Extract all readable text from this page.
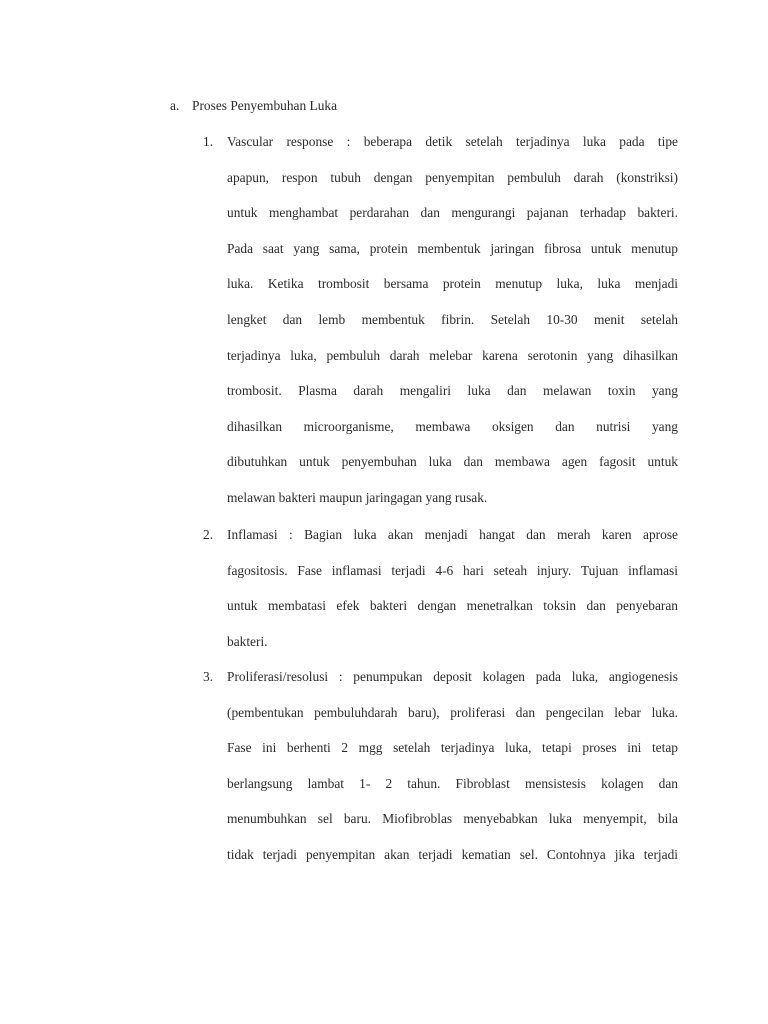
a. Proses Penyembuhan Luka
1. Vascular response : beberapa detik setelah terjadinya luka pada tipe
apapun, respon tubuh dengan penyempitan pembuluh darah (konstriksi)
untuk menghambat perdarahan dan mengurangi pajanan terhadap bakteri.
Pada saat yang sama, protein membentuk jaringan fibrosa untuk menutup
luka. Ketika trombosit bersama protein menutup luka, luka menjadi
lengket dan lemb membentuk fibrin. Setelah 10-30 menit setelah
terjadinya luka, pembuluh darah melebar karena serotonin yang dihasilkan
trombosit. Plasma darah mengaliri luka dan melawan toxin yang
dihasilkan microorganisme, membawa oksigen dan nutrisi yang
dibutuhkan untuk penyembuhan luka dan membawa agen fagosit untuk
melawan bakteri maupun jaringagan yang rusak.
2. Inflamasi : Bagian luka akan menjadi hangat dan merah karen aprose
fagositosis. Fase inflamasi terjadi 4-6 hari seteah injury. Tujuan inflamasi
untuk membatasi efek bakteri dengan menetralkan toksin dan penyebaran
bakteri.
3. Proliferasi/resolusi : penumpukan deposit kolagen pada luka, angiogenesis
(pembentukan pembuluhdarah baru), proliferasi dan pengecilan lebar luka.
Fase ini berhenti 2 mgg setelah terjadinya luka, tetapi proses ini tetap
berlangsung lambat 1- 2 tahun. Fibroblast mensistesis kolagen dan
menumbuhkan sel baru. Miofibroblas menyebabkan luka menyempit, bila
tidak terjadi penyempitan akan terjadi kematian sel. Contohnya jika terjadi
